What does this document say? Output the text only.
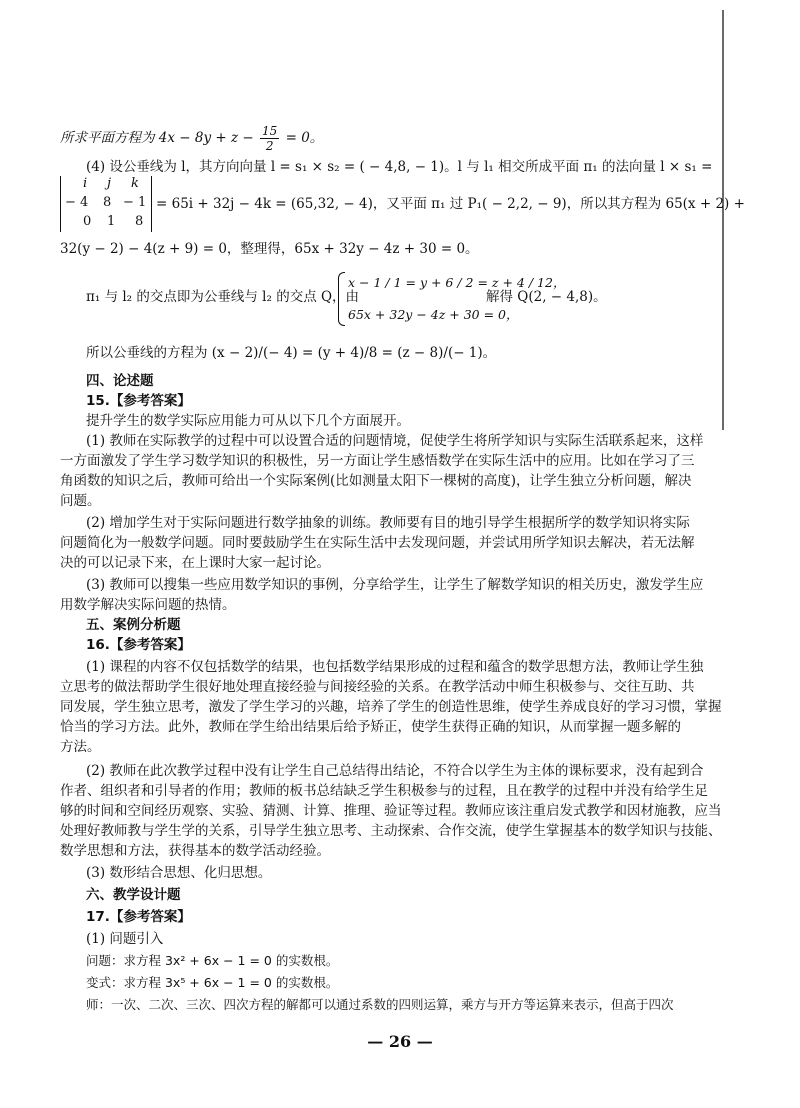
所求平面方程为 $4x - 8y + z - \frac{15}{2} = 0$。
(4) 设公垂线为 l，其方向向量 l = s₁ × s₂ = ( − 4,8, − 1)。l 与 l₁ 相交所成平面 π₁ 的法向量 l × s₁ =
i j k
− 4 8 − 1
0 1 8
= 65i + 32j − 4k = (65,32, − 4)，又平面 π₁ 过 P₁( − 2,2, − 9)，所以其方程为 65(x + 2) +
32(y − 2) − 4(z + 9) = 0，整理得，65x + 32y − 4z + 30 = 0。
π₁ 与 l₂ 的交点即为公垂线与 l₂ 的交点 Q，由
x − 1 / 1 = y + 6 / 2 = z + 4 / 12，
65x + 32y − 4z + 30 = 0，
解得 Q(2, − 4,8)。
所以公垂线的方程为 (x − 2)/(− 4) = (y + 4)/8 = (z − 8)/(− 1)。
四、论述题
15.【参考答案】
提升学生的数学实际应用能力可从以下几个方面展开。
(1) 教师在实际教学的过程中可以设置合适的问题情境，促使学生将所学知识与实际生活联系起来，这样
一方面激发了学生学习数学知识的积极性，另一方面让学生感悟数学在实际生活中的应用。比如在学习了三
角函数的知识之后，教师可给出一个实际案例(比如测量太阳下一棵树的高度)，让学生独立分析问题，解决
问题。
(2) 增加学生对于实际问题进行数学抽象的训练。教师要有目的地引导学生根据所学的数学知识将实际
问题简化为一般数学问题。同时要鼓励学生在实际生活中去发现问题，并尝试用所学知识去解决，若无法解
决的可以记录下来，在上课时大家一起讨论。
(3) 教师可以搜集一些应用数学知识的事例，分享给学生，让学生了解数学知识的相关历史，激发学生应
用数学解决实际问题的热情。
五、案例分析题
16.【参考答案】
(1) 课程的内容不仅包括数学的结果，也包括数学结果形成的过程和蕴含的数学思想方法，教师让学生独
立思考的做法帮助学生很好地处理直接经验与间接经验的关系。在教学活动中师生积极参与、交往互助、共
同发展，学生独立思考，激发了学生学习的兴趣，培养了学生的创造性思维，使学生养成良好的学习习惯，掌握
恰当的学习方法。此外，教师在学生给出结果后给予矫正，使学生获得正确的知识，从而掌握一题多解的
方法。
(2) 教师在此次教学过程中没有让学生自己总结得出结论，不符合以学生为主体的课标要求，没有起到合
作者、组织者和引导者的作用；教师的板书总结缺乏学生积极参与的过程，且在教学的过程中并没有给学生足
够的时间和空间经历观察、实验、猜测、计算、推理、验证等过程。教师应该注重启发式教学和因材施教，应当
处理好教师教与学生学的关系，引导学生独立思考、主动探索、合作交流，使学生掌握基本的数学知识与技能、
数学思想和方法，获得基本的数学活动经验。
(3) 数形结合思想、化归思想。
六、教学设计题
17.【参考答案】
(1) 问题引入
问题：求方程 3x² + 6x − 1 = 0 的实数根。
变式：求方程 3x⁵ + 6x − 1 = 0 的实数根。
师：一次、二次、三次、四次方程的解都可以通过系数的四则运算，乘方与开方等运算来表示，但高于四次
— 26 —
